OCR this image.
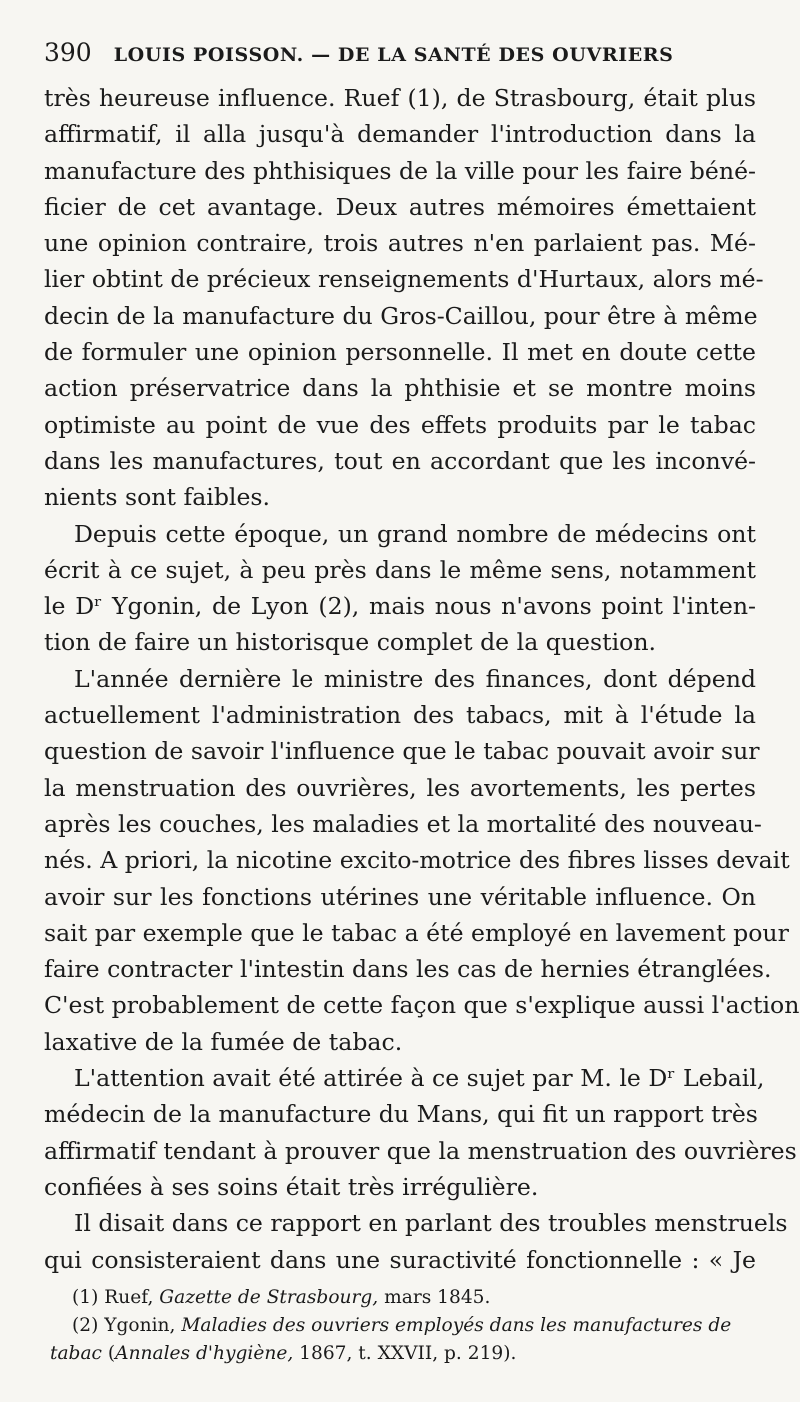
390 LOUIS POISSON. — DE LA SANTÉ DES OUVRIERS
très heureuse influence. Ruef (1), de Strasbourg, était plus
affirmatif, il alla jusqu'à demander l'introduction dans la
manufacture des phthisiques de la ville pour les faire béné-
ficier de cet avantage. Deux autres mémoires émettaient
une opinion contraire, trois autres n'en parlaient pas. Mé-
lier obtint de précieux renseignements d'Hurtaux, alors mé-
decin de la manufacture du Gros-Caillou, pour être à même
de formuler une opinion personnelle. Il met en doute cette
action préservatrice dans la phthisie et se montre moins
optimiste au point de vue des effets produits par le tabac
dans les manufactures, tout en accordant que les inconvé-
nients sont faibles.
Depuis cette époque, un grand nombre de médecins ont
écrit à ce sujet, à peu près dans le même sens, notamment
le Dʳ Ygonin, de Lyon (2), mais nous n'avons point l'inten-
tion de faire un historisque complet de la question.
L'année dernière le ministre des finances, dont dépend
actuellement l'administration des tabacs, mit à l'étude la
question de savoir l'influence que le tabac pouvait avoir sur
la menstruation des ouvrières, les avortements, les pertes
après les couches, les maladies et la mortalité des nouveau-
nés. A priori, la nicotine excito-motrice des fibres lisses devait
avoir sur les fonctions utérines une véritable influence. On
sait par exemple que le tabac a été employé en lavement pour
faire contracter l'intestin dans les cas de hernies étranglées.
C'est probablement de cette façon que s'explique aussi l'action
laxative de la fumée de tabac.
L'attention avait été attirée à ce sujet par M. le Dʳ Lebail,
médecin de la manufacture du Mans, qui fit un rapport très
affirmatif tendant à prouver que la menstruation des ouvrières
confiées à ses soins était très irrégulière.
Il disait dans ce rapport en parlant des troubles menstruels
qui consisteraient dans une suractivité fonctionnelle : « Je
(1) Ruef, Gazette de Strasbourg, mars 1845.
(2) Ygonin, Maladies des ouvriers employés dans les manufactures de
tabac (Annales d'hygiène, 1867, t. XXVII, p. 219).
